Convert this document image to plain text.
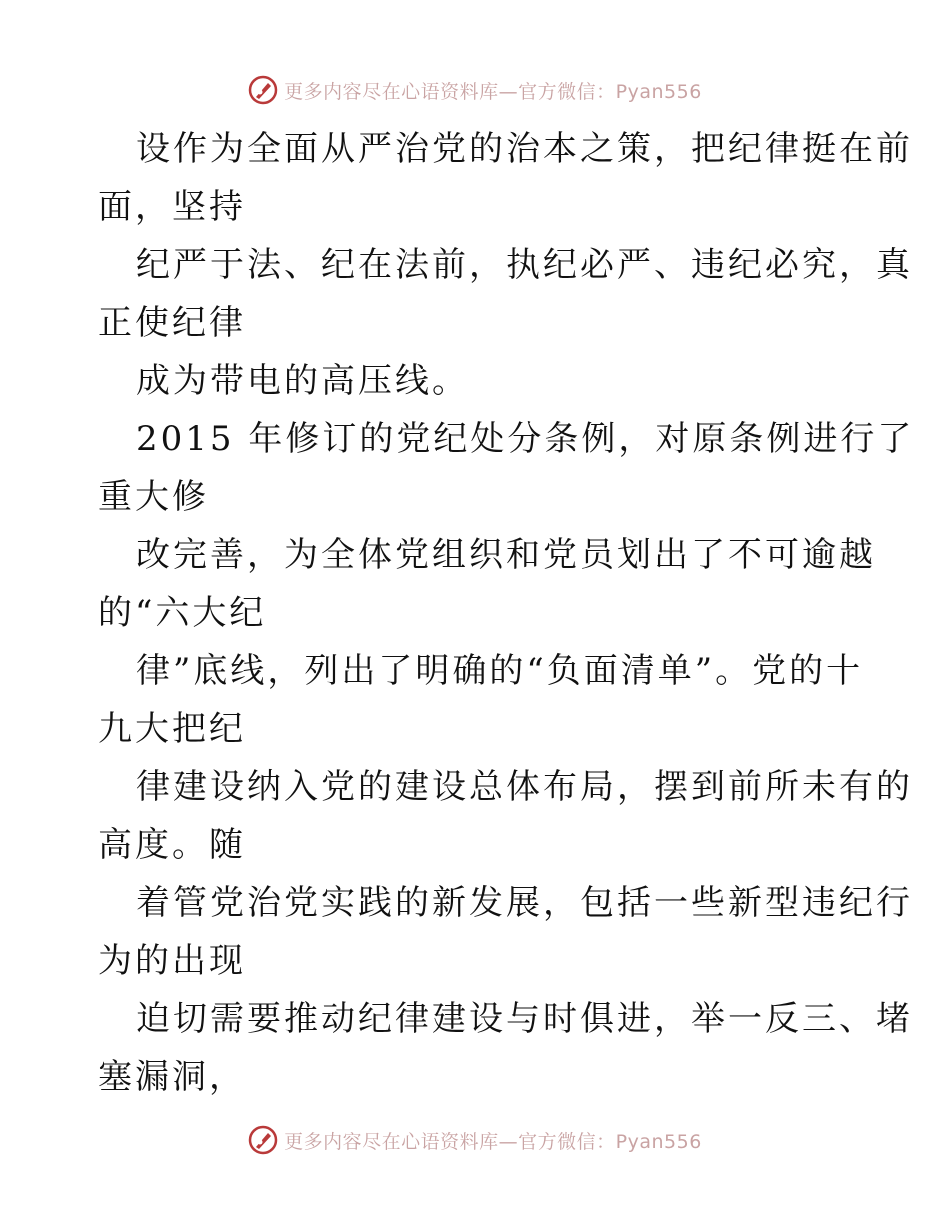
更多内容尽在心语资料库—官方微信：Pyan556
设作为全面从严治党的治本之策，把纪律挺在前
面，坚持
纪严于法、纪在法前，执纪必严、违纪必究，真
正使纪律
成为带电的高压线。
2015 年修订的党纪处分条例，对原条例进行了
重大修
改完善，为全体党组织和党员划出了不可逾越
的“六大纪
律”底线，列出了明确的“负面清单”。党的十
九大把纪
律建设纳入党的建设总体布局，摆到前所未有的
高度。随
着管党治党实践的新发展，包括一些新型违纪行
为的出现
迫切需要推动纪律建设与时俱进，举一反三、堵
塞漏洞，
更多内容尽在心语资料库—官方微信：Pyan556
